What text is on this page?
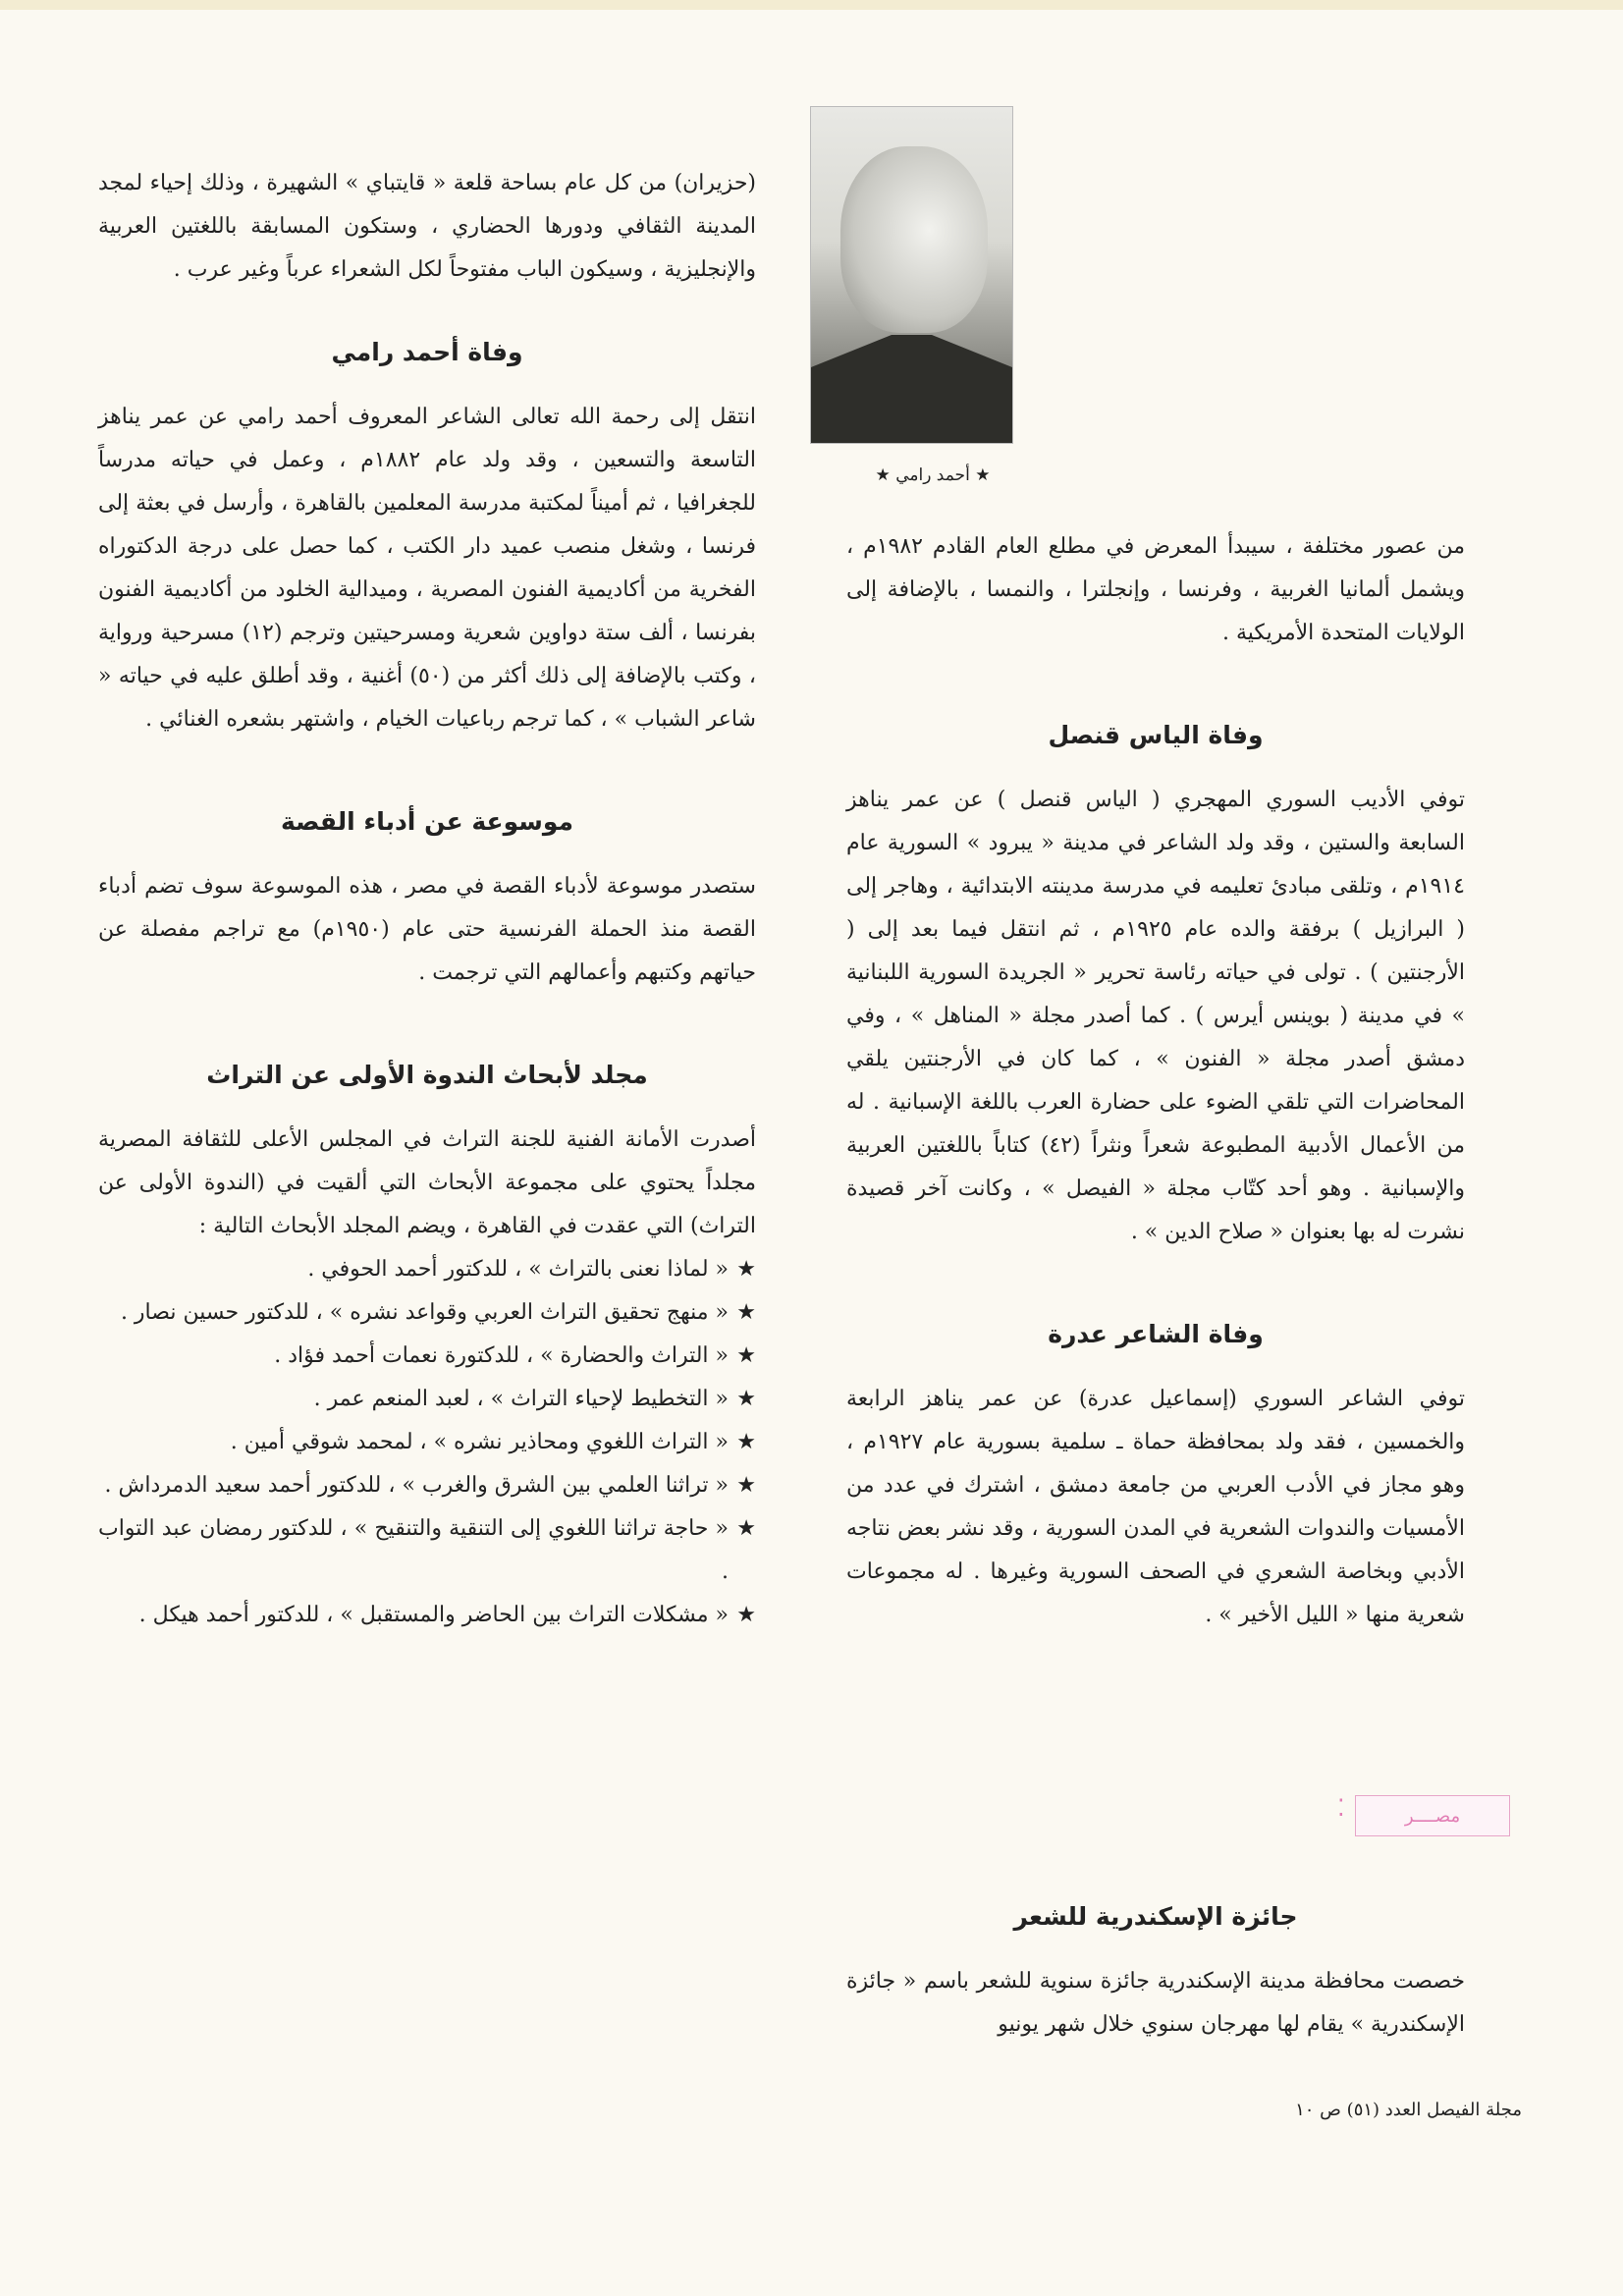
★ أحمد رامي ★

من عصور مختلفة ، سيبدأ المعرض في مطلع العام القادم ١٩٨٢م ، ويشمل ألمانيا الغربية ، وفرنسا ، وإنجلترا ، والنمسا ، بالإضافة إلى الولايات المتحدة الأمريكية .

وفاة الياس قنصل

توفي الأديب السوري المهجري ( الياس قنصل ) عن عمر يناهز السابعة والستين ، وقد ولد الشاعر في مدينة « يبرود » السورية عام ١٩١٤م ، وتلقى مبادئ تعليمه في مدرسة مدينته الابتدائية ، وهاجر إلى ( البرازيل ) برفقة والده عام ١٩٢٥م ، ثم انتقل فيما بعد إلى ( الأرجنتين ) . تولى في حياته رئاسة تحرير « الجريدة السورية اللبنانية » في مدينة ( بوينس أيرس ) . كما أصدر مجلة « المناهل » ، وفي دمشق أصدر مجلة « الفنون » ، كما كان في الأرجنتين يلقي المحاضرات التي تلقي الضوء على حضارة العرب باللغة الإسبانية . له من الأعمال الأدبية المطبوعة شعراً ونثراً (٤٢) كتاباً باللغتين العربية والإسبانية . وهو أحد كتّاب مجلة « الفيصل » ، وكانت آخر قصيدة نشرت له بها بعنوان « صلاح الدين » .

وفاة الشاعر عدرة

توفي الشاعر السوري (إسماعيل عدرة) عن عمر يناهز الرابعة والخمسين ، فقد ولد بمحافظة حماة ـ سلمية بسورية عام ١٩٢٧م ، وهو مجاز في الأدب العربي من جامعة دمشق ، اشترك في عدد من الأمسيات والندوات الشعرية في المدن السورية ، وقد نشر بعض نتاجه الأدبي وبخاصة الشعري في الصحف السورية وغيرها . له مجموعات شعرية منها « الليل الأخير » .

⁚	مصــــر
جائزة الإسكندرية للشعر

خصصت محافظة مدينة الإسكندرية جائزة سنوية للشعر باسم « جائزة الإسكندرية » يقام لها مهرجان سنوي خلال شهر يونيو

(حزيران) من كل عام بساحة قلعة « قايتباي » الشهيرة ، وذلك إحياء لمجد المدينة الثقافي ودورها الحضاري ، وستكون المسابقة باللغتين العربية والإنجليزية ، وسيكون الباب مفتوحاً لكل الشعراء عرباً وغير عرب .

وفاة أحمد رامي

انتقل إلى رحمة الله تعالى الشاعر المعروف أحمد رامي عن عمر يناهز التاسعة والتسعين ، وقد ولد عام ١٨٨٢م ، وعمل في حياته مدرساً للجغرافيا ، ثم أميناً لمكتبة مدرسة المعلمين بالقاهرة ، وأرسل في بعثة إلى فرنسا ، وشغل منصب عميد دار الكتب ، كما حصل على درجة الدكتوراه الفخرية من أكاديمية الفنون المصرية ، وميدالية الخلود من أكاديمية الفنون بفرنسا ، ألف ستة دواوين شعرية ومسرحيتين وترجم (١٢) مسرحية ورواية ، وكتب بالإضافة إلى ذلك أكثر من (٥٠) أغنية ، وقد أطلق عليه في حياته « شاعر الشباب » ، كما ترجم رباعيات الخيام ، واشتهر بشعره الغنائي .

موسوعة عن أدباء القصة

ستصدر موسوعة لأدباء القصة في مصر ، هذه الموسوعة سوف تضم أدباء القصة منذ الحملة الفرنسية حتى عام (١٩٥٠م) مع تراجم مفصلة عن حياتهم وكتبهم وأعمالهم التي ترجمت .

مجلد لأبحاث الندوة الأولى عن التراث

أصدرت الأمانة الفنية للجنة التراث في المجلس الأعلى للثقافة المصرية مجلداً يحتوي على مجموعة الأبحاث التي ألقيت في (الندوة الأولى عن التراث) التي عقدت في القاهرة ، ويضم المجلد الأبحاث التالية :

★
« لماذا نعنى بالتراث » ، للدكتور أحمد الحوفي .
★
« منهج تحقيق التراث العربي وقواعد نشره » ، للدكتور حسين نصار .
★
« التراث والحضارة » ، للدكتورة نعمات أحمد فؤاد .
★
« التخطيط لإحياء التراث » ، لعبد المنعم عمر .
★
« التراث اللغوي ومحاذير نشره » ، لمحمد شوقي أمين .
★
« تراثنا العلمي بين الشرق والغرب » ، للدكتور أحمد سعيد الدمرداش .
★
« حاجة تراثنا اللغوي إلى التنقية والتنقيح » ، للدكتور رمضان عبد التواب .
★
« مشكلات التراث بين الحاضر والمستقبل » ، للدكتور أحمد هيكل .
مجلة الفيصل العدد (٥١) ص ١٠
